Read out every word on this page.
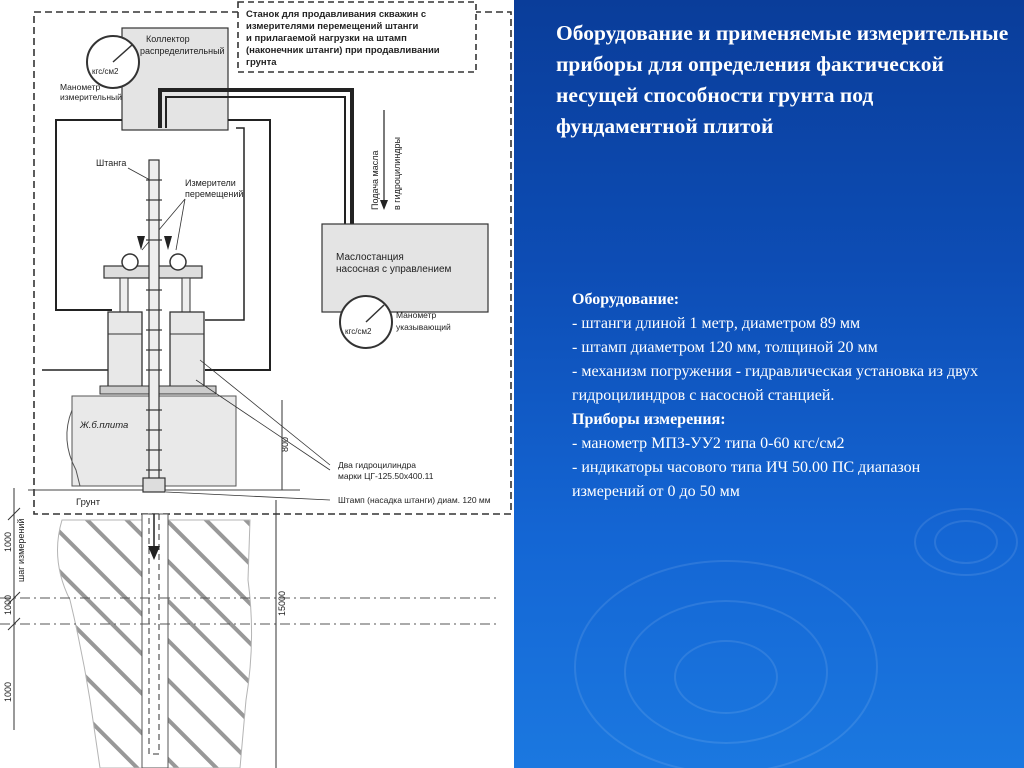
Станок для продавливания скважин с
измерителями перемещений штанги
и прилагаемой нагрузки на штамп
(наконечник штанги) при продавливании
грунта
Коллектор
распределительный
кгс/см2
Манометр
измерительный
Подача масла в гидроцилиндры
Маслостанция
насосная с управлением
кгс/см2
Манометр
указывающий
Штанга
Измерители
перемещений
Ж.б.плита
800
Два гидроцилиндра
марки ЦГ-125.50х400.11
Грунт	Штамп (насадка штанги) диам. 120 мм
1000 шаг измерений
1000
1000
15000
Оборудование и применяемые измерительные приборы для определения фактической несущей способности грунта под фундаментной плитой
Оборудование:
- штанги длиной 1 метр, диаметром 89 мм
- штамп диаметром 120 мм, толщиной 20 мм
- механизм погружения - гидравлическая установка из двух гидроцилиндров с насосной станцией.
Приборы измерения:
- манометр МПЗ-УУ2 типа 0-60 кгс/см2
- индикаторы часового типа ИЧ 50.00 ПС диапазон измерений от 0 до 50 мм
